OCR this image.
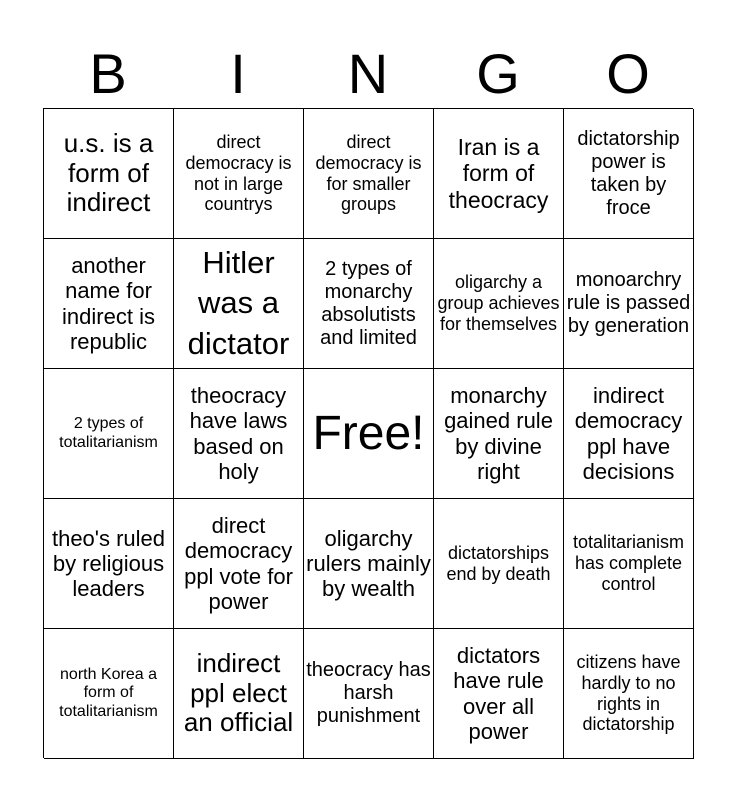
B	I	N	G	O
u.s. is a form of indirect
direct democracy is not in large countrys
direct democracy is for smaller groups
Iran is a form of theocracy
dictatorship power is taken by froce
another name for indirect is republic
Hitler was a dictator
2 types of monarchy absolutists and limited
oligarchy a group achieves for themselves
monoarchry rule is passed by generation
2 types of totalitarianism
theocracy have laws based on holy
Free!
monarchy gained rule by divine right
indirect democracy ppl have decisions
theo's ruled by religious leaders
direct democracy ppl vote for power
oligarchy rulers mainly by wealth
dictatorships end by death
totalitarianism has complete control
north Korea a form of totalitarianism
indirect ppl elect an official
theocracy has harsh punishment
dictators have rule over all power
citizens have hardly to no rights in dictatorship
